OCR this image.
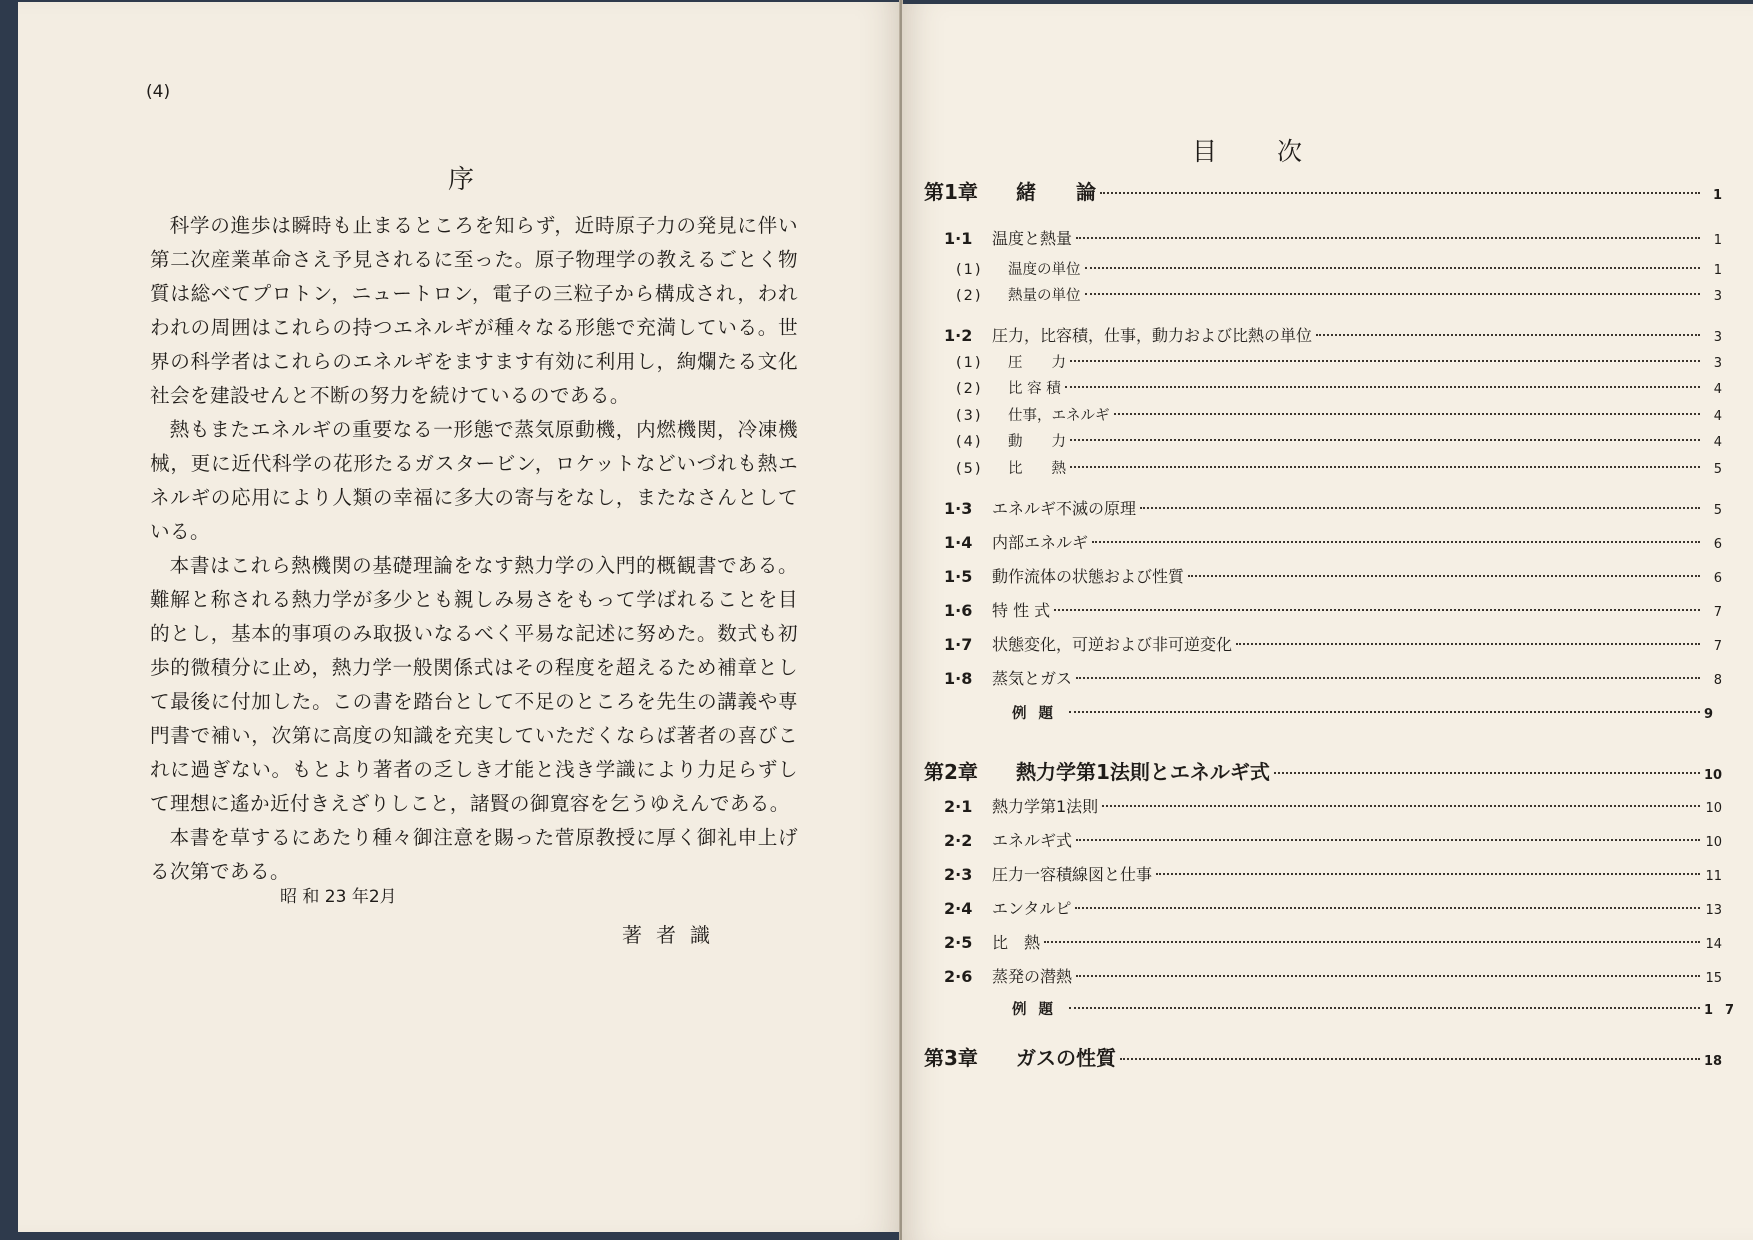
(4)
序

科学の進歩は瞬時も止まるところを知らず，近時原子力の発見に伴い第二次産業革命さえ予見されるに至った。原子物理学の教えるごとく物質は総べてプロトン，ニュートロン，電子の三粒子から構成され，われわれの周囲はこれらの持つエネルギが種々なる形態で充満している。世界の科学者はこれらのエネルギをますます有効に利用し，絢爛たる文化社会を建設せんと不断の努力を続けているのである。

熱もまたエネルギの重要なる一形態で蒸気原動機，内燃機関，冷凍機械，更に近代科学の花形たるガスタービン，ロケットなどいづれも熱エネルギの応用により人類の幸福に多大の寄与をなし，またなさんとしている。

本書はこれら熱機関の基礎理論をなす熱力学の入門的概観書である。難解と称される熱力学が多少とも親しみ易さをもって学ばれることを目的とし，基本的事項のみ取扱いなるべく平易な記述に努めた。数式も初歩的微積分に止め，熱力学一般関係式はその程度を超えるため補章として最後に付加した。この書を踏台として不足のところを先生の講義や専門書で補い，次第に高度の知識を充実していただくならば著者の喜びこれに過ぎない。もとより著者の乏しき才能と浅き学識により力足らずして理想に遙か近付きえざりしこと，諸賢の御寛容を乞うゆえんである。

本書を草するにあたり種々御注意を賜った菅原教授に厚く御礼申上げる次第である。

昭 和 23 年2月
著者識
目次
第1章	緒　　論	1
1·1	温度と熱量	1
(1)	温度の単位	1
(2)	熱量の単位	3
1·2	圧力，比容積，仕事，動力および比熱の単位	3
(1)	圧　　力	3
(2)	比 容 積	4
(3)	仕事，エネルギ	4
(4)	動　　力	4
(5)	比　　熱	5
1·3	エネルギ不滅の原理	5
1·4	内部エネルギ	6
1·5	動作流体の状態および性質	6
1·6	特 性 式	7
1·7	状態変化，可逆および非可逆変化	7
1·8	蒸気とガス	8
例題	9
第2章	熱力学第1法則とエネルギ式	10
2·1	熱力学第1法則	10
2·2	エネルギ式	10
2·3	圧力一容積線図と仕事	11
2·4	エンタルピ	13
2·5	比　熱	14
2·6	蒸発の潜熱	15
例題	17
第3章	ガスの性質	18
